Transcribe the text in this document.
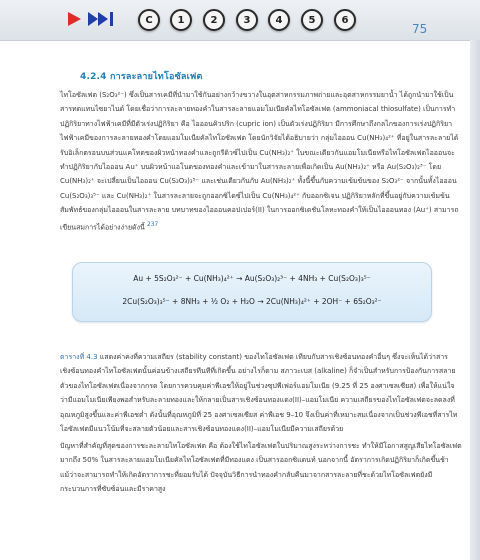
C	1	2	3	4	5	6
75
4.2.4 การละลายไทโอซัลเฟต

ไทโอซัลเฟต (S₂O₃²⁻) ซึ่งเป็นสารเคมีที่นำมาใช้กันอย่างกว้างขวางในอุตสาหกรรมภาพถ่ายและอุตสาหกรรมยาน้ำ ได้ถูกนำมาใช้เป็นสารทดแทนไซยาไนด์ โดยเชื่อว่าการละลายทองคำในสารละลายแอมโมเนียคัลไทโอซัลเฟต (ammoniacal thiosulfate) เป็นการทำปฏิกิริยาทางไฟฟ้าเคมีที่มีตัวเร่งปฏิกิริยา คือ ไอออนคิวปริก (cupric ion) เป็นตัวเร่งปฏิกิริยา มีการศึกษาถึงกลไกของการเร่งปฏิกิริยาไฟฟ้าเคมีของการละลายทองคำโดยแอมโมเนียคัลไทโอซัลเฟต โดยนักวิจัยได้อธิบายว่า กลุ่มไอออน Cu(NH₃)₄²⁺ ที่อยู่ในสารละลายได้รับอิเล็กตรอนบนส่วนแคโทดของผิวหน้าทองคำและถูกรีดิวซ์ไปเป็น Cu(NH₃)₂⁺ ในขณะเดียวกันแอมโมเนียหรือไทโอซัลเฟตไอออนจะทำปฏิกิริยากับไอออน Au⁺ บนผิวหน้าแอโนดของทองคำและเข้ามาในสารละลายเพื่อเกิดเป็น Au(NH₃)₂⁺ หรือ Au(S₂O₃)₂³⁻ โดย Cu(NH₃)₂⁺ จะเปลี่ยนเป็นไอออน Cu(S₂O₃)₃⁵⁻ และเช่นเดียวกันกับ Au(NH₃)₂⁺ ทั้งนี้ขึ้นกับความเข้มข้นของ S₂O₃²⁻ จากนั้นทั้งไอออน Cu(S₂O₃)₃⁵⁻ และ Cu(NH₃)₂⁺ ในสารละลายจะถูกออกซิไดซ์ไปเป็น Cu(NH₃)₄²⁺ กับออกซิเจน ปฏิกิริยาหลักที่ขึ้นอยู่กับความเข้มข้นสัมพัทธ์ของกลุ่มไอออนในสารละลาย บทบาทของไอออนคอปเปอร์(II) ในการออกซิเดชันโลหะทองคำให้เป็นไอออนทอง (Au⁺) สามารถเขียนสมการได้อย่างง่ายดังนี้ $^{237}$

Au + 5S₂O₃²⁻ + Cu(NH₃)₄²⁺ → Au(S₂O₃)₂³⁻ + 4NH₃ + Cu(S₂O₃)₃⁵⁻
2Cu(S₂O₃)₃⁵⁻ + 8NH₃ + ½ O₂ + H₂O → 2Cu(NH₃)₄²⁺ + 2OH⁻ + 6S₂O₃²⁻

ตารางที่ 4.3 แสดงค่าคงที่ความเสถียร (stability constant) ของไทโอซัลเฟต เทียบกับสารเชิงซ้อนทองคำอื่นๆ ซึ่งจะเห็นได้ว่าสารเชิงซ้อนทองคำไทโอซัลเฟตนั้นค่อนข้างเสถียรทีนทีที่เกิดขึ้น อย่างไรก็ตาม สภาวะเบส (alkaline) ก็จำเป็นสำหรับการป้องกันการสลายตัวของไทโอซัลเฟตเนื่องจากกรด โดยการควบคุมค่าพีเอชให้อยู่ในช่วงซุปพีเฟอร์แอมโมเนีย (9.25 ที่ 25 องศาเซลเซียส) เพื่อให้แน่ใจว่ามีแอมโมเนียเพียงพอสำหรับละลายทองและให้กลายเป็นสารเชิงซ้อนทองแดง(II)–แอมโมเนีย ความเสถียรของไทโอซัลเฟตจะลดลงที่อุณหภูมิสูงขึ้นและค่าพีเอชต่ำ ดังนั้นที่อุณหภูมิที่ 25 องศาเซลเซียส ค่าพีเอช 9–10 จึงเป็นค่าที่เหมาะสมเนื่องจากเป็นช่วงพีเอชที่สารไทโอซัลเฟตมีแนวโน้มที่จะสลายตัวน้อยและสารเชิงซ้อนทองแดง(II)–แอมโมเนียมีความเสถียรด้วย

ปัญหาที่สำคัญที่สุดของการชะละลายไทโอซัลเฟต คือ ต้องใช้ไทโอซัลเฟตในปริมาณสูงระหว่างการชะ ทำให้มีโอกาสสูญเสียไทโอซัลเฟตมากถึง 50% ในสารละลายแอมโมเนียคัลไทโอซัลเฟตที่มีทองแดง เป็นสารออกซิแดนท์ นอกจากนี้ อัตราการเกิดปฏิกิริยาก็เกิดขึ้นช้า แม้ว่าจะสามารถทำให้เกิดอัตราการชะที่ยอมรับได้ ปัจจุบันวิธีการนำทองคำกลับคืนมาจากสารละลายที่ชะด้วยไทโอซัลเฟตยังมีกระบวนการที่ซับซ้อนและมีราคาสูง
